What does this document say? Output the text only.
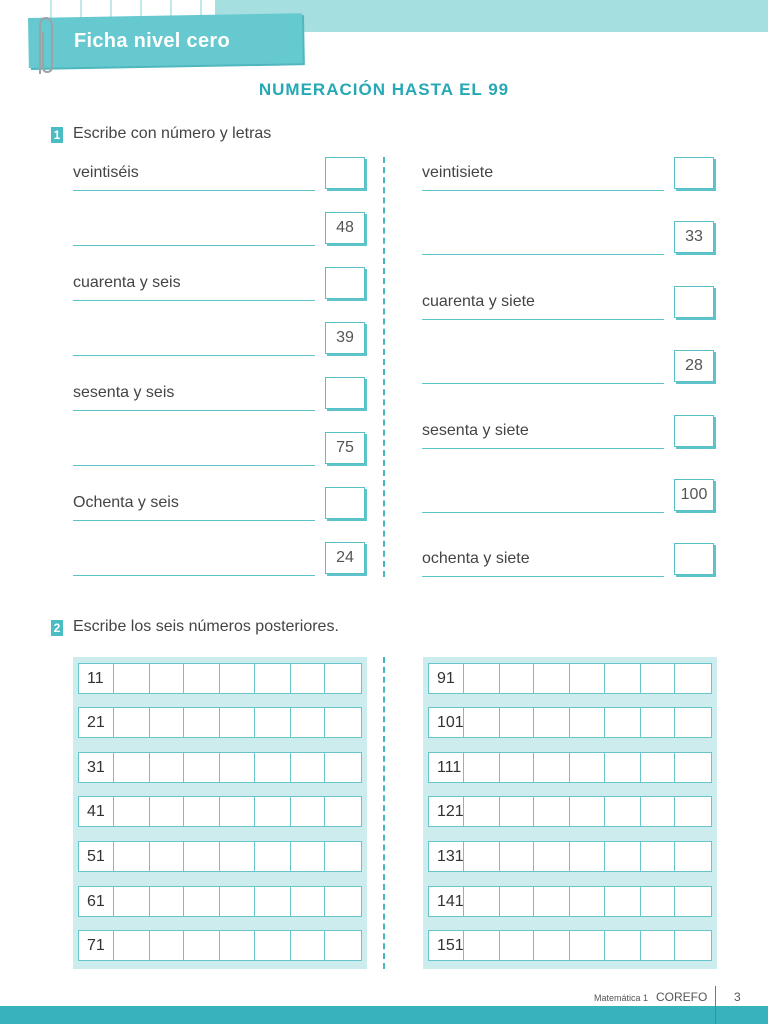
Ficha nivel cero
NUMERACIÓN HASTA EL 99
1 Escribe con número y letras
veintiséis
48
cuarenta y seis
39
sesenta y seis
75
Ochenta y seis
24
veintisiete
33
cuarenta y siete
28
sesenta y siete
100
ochenta y siete
2 Escribe los seis números posteriores.
11
21
31
41
51
61
71
91
101
111
121
131
141
151
Matemática 1 COREFO 3
